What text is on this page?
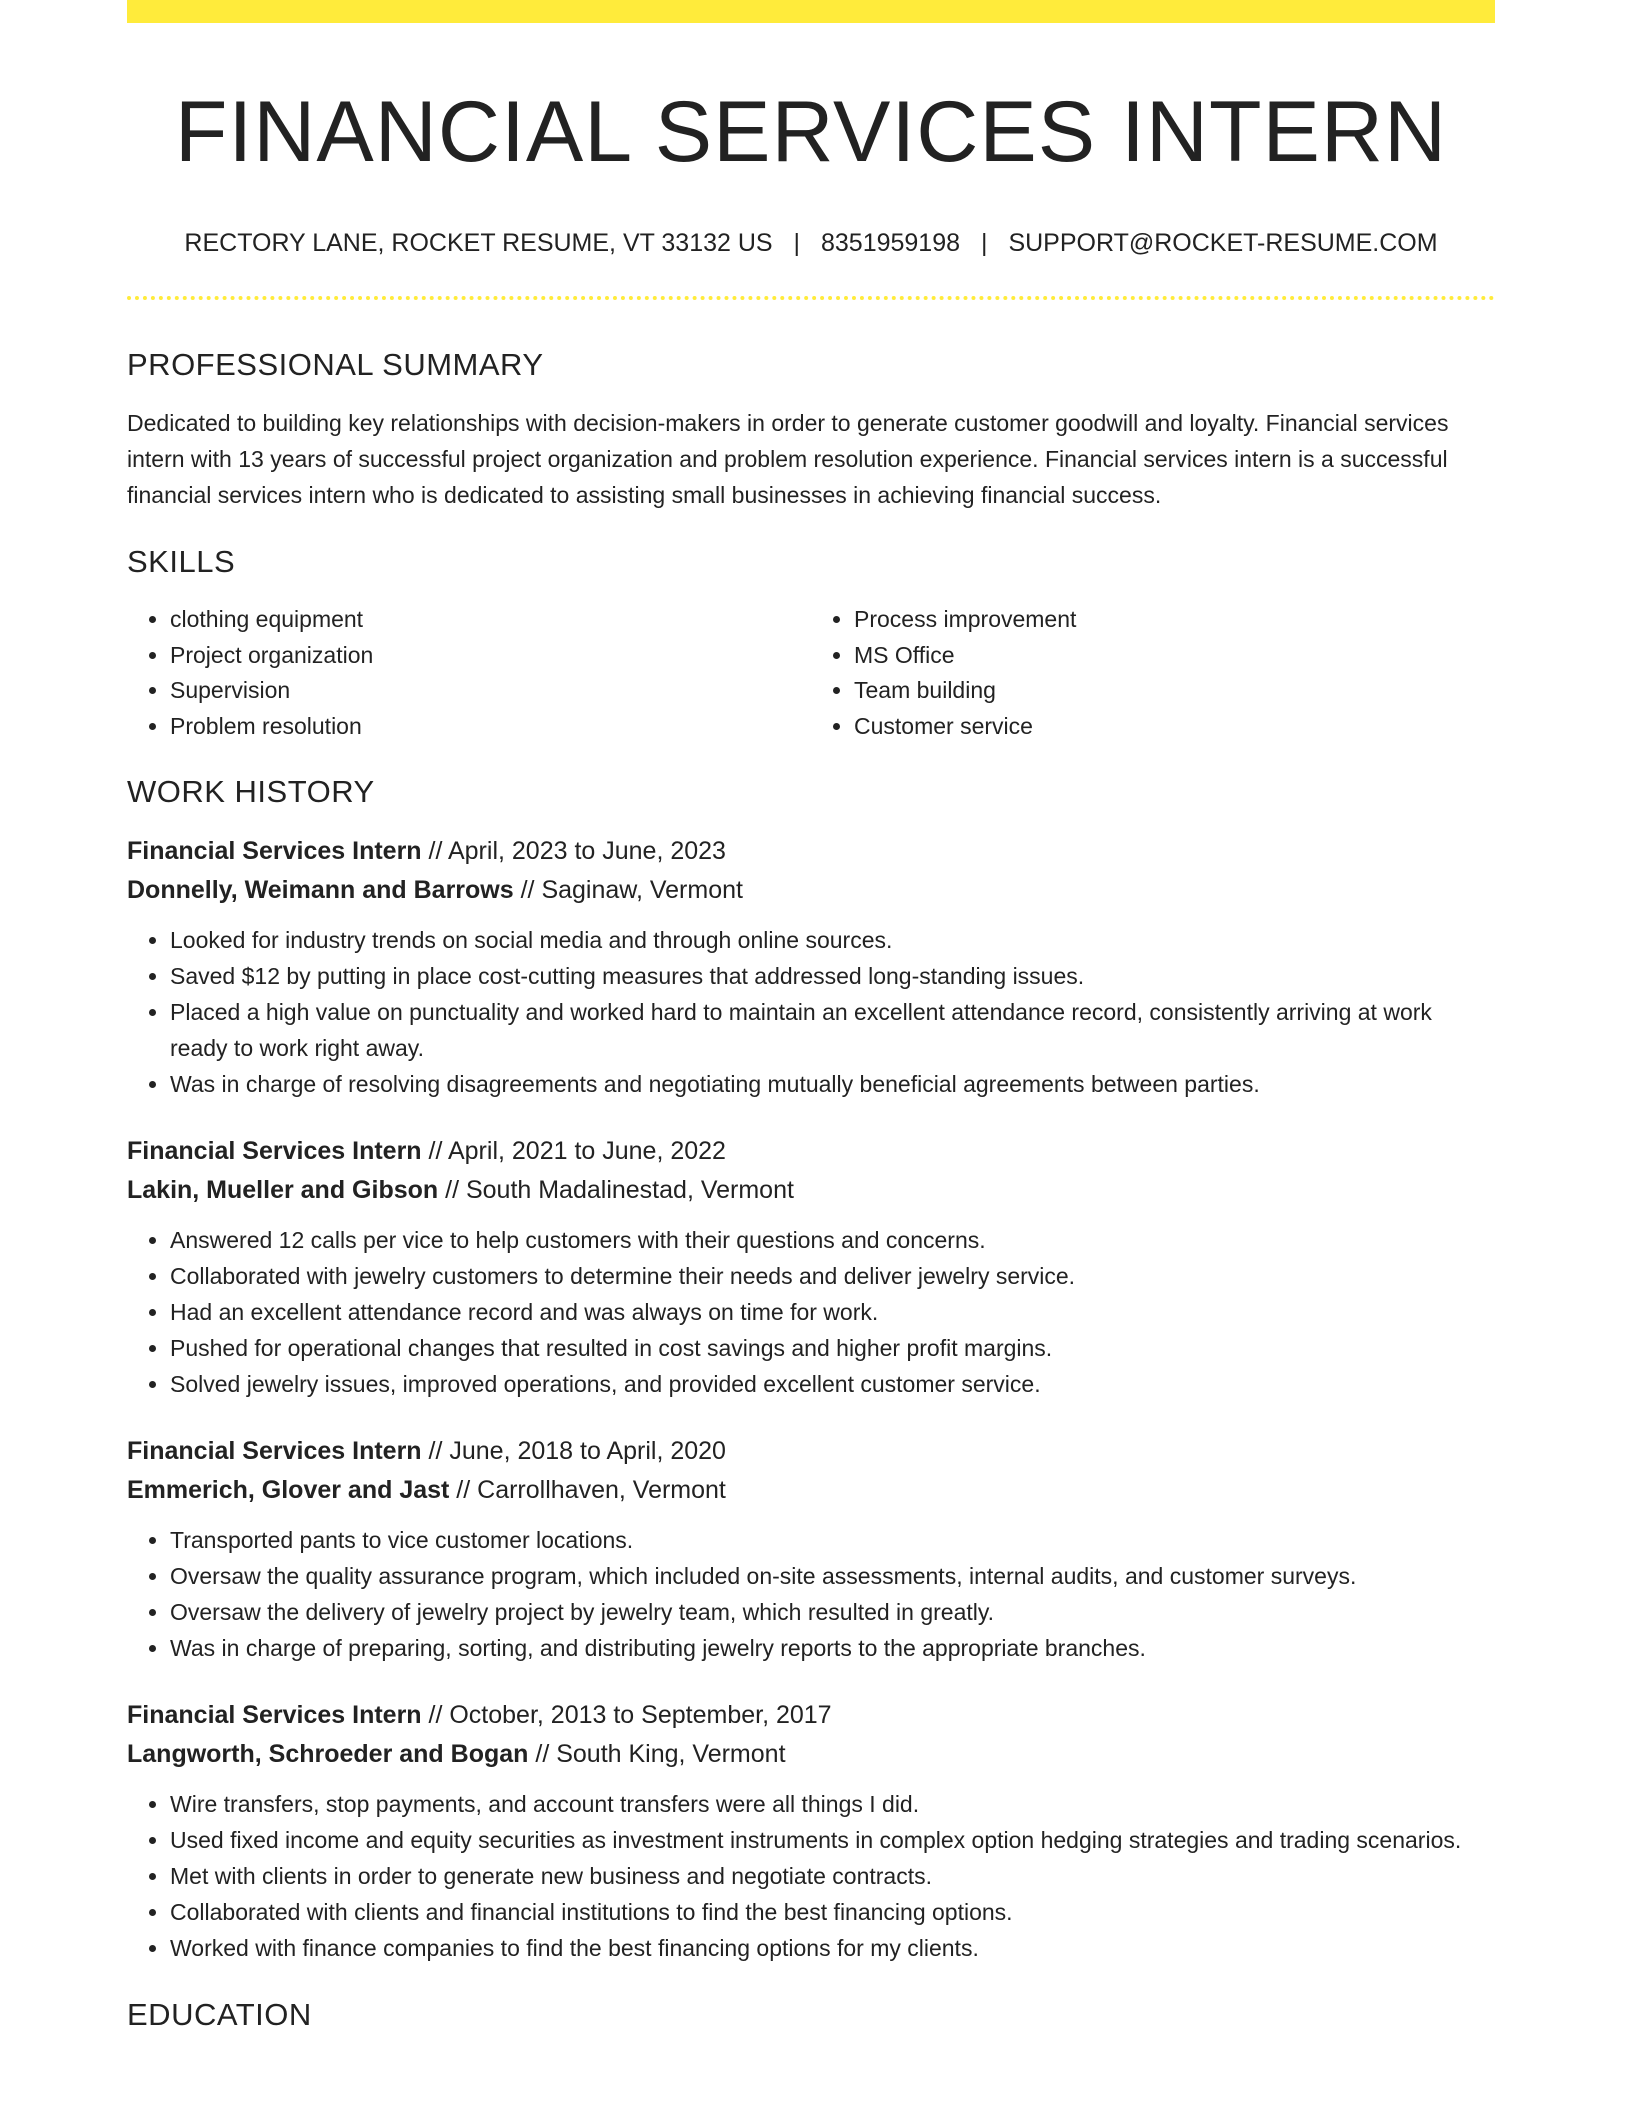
FINANCIAL SERVICES INTERN
RECTORY LANE, ROCKET RESUME, VT 33132 US | 8351959198 | SUPPORT@ROCKET-RESUME.COM
PROFESSIONAL SUMMARY

Dedicated to building key relationships with decision-makers in order to generate customer goodwill and loyalty. Financial services intern with 13 years of successful project organization and problem resolution experience. Financial services intern is a successful financial services intern who is dedicated to assisting small businesses in achieving financial success.

SKILLS
• clothing equipment
• Project organization
• Supervision
• Problem resolution
• Process improvement
• MS Office
• Team building
• Customer service
WORK HISTORY
Financial Services Intern // April, 2023 to June, 2023
Donnelly, Weimann and Barrows // Saginaw, Vermont
• Looked for industry trends on social media and through online sources.
• Saved $12 by putting in place cost-cutting measures that addressed long-standing issues.
• Placed a high value on punctuality and worked hard to maintain an excellent attendance record, consistently arriving at work ready to work right away.
• Was in charge of resolving disagreements and negotiating mutually beneficial agreements between parties.
Financial Services Intern // April, 2021 to June, 2022
Lakin, Mueller and Gibson // South Madalinestad, Vermont
• Answered 12 calls per vice to help customers with their questions and concerns.
• Collaborated with jewelry customers to determine their needs and deliver jewelry service.
• Had an excellent attendance record and was always on time for work.
• Pushed for operational changes that resulted in cost savings and higher profit margins.
• Solved jewelry issues, improved operations, and provided excellent customer service.
Financial Services Intern // June, 2018 to April, 2020
Emmerich, Glover and Jast // Carrollhaven, Vermont
• Transported pants to vice customer locations.
• Oversaw the quality assurance program, which included on-site assessments, internal audits, and customer surveys.
• Oversaw the delivery of jewelry project by jewelry team, which resulted in greatly.
• Was in charge of preparing, sorting, and distributing jewelry reports to the appropriate branches.
Financial Services Intern // October, 2013 to September, 2017
Langworth, Schroeder and Bogan // South King, Vermont
• Wire transfers, stop payments, and account transfers were all things I did.
• Used fixed income and equity securities as investment instruments in complex option hedging strategies and trading scenarios.
• Met with clients in order to generate new business and negotiate contracts.
• Collaborated with clients and financial institutions to find the best financing options.
• Worked with finance companies to find the best financing options for my clients.
EDUCATION
